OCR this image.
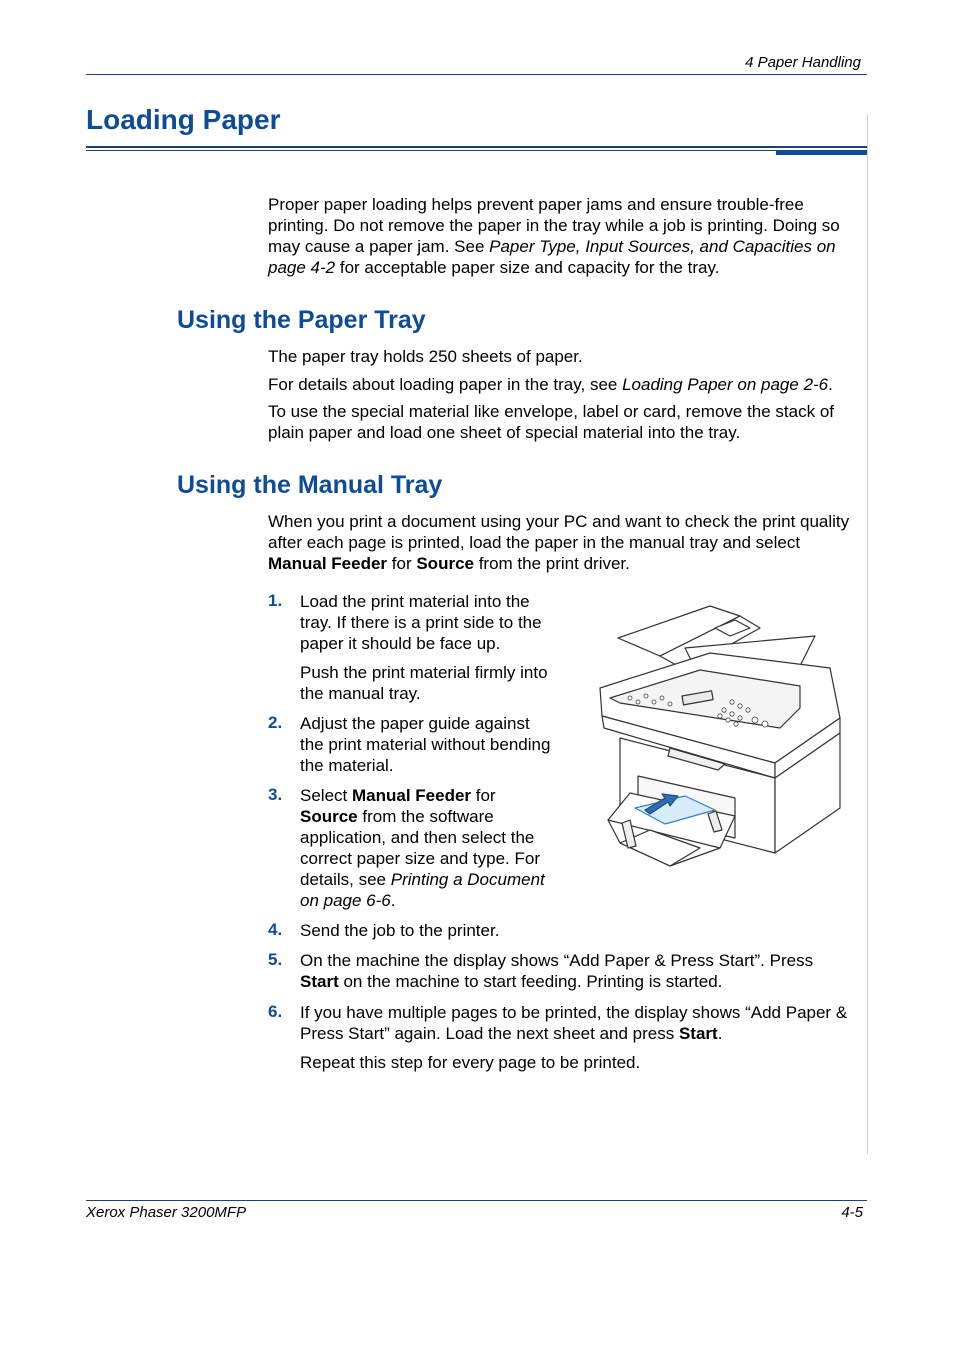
4 Paper Handling
Loading Paper
Proper paper loading helps prevent paper jams and ensure trouble-free
printing. Do not remove the paper in the tray while a job is printing. Doing so
may cause a paper jam. See Paper Type, Input Sources, and Capacities on
page 4-2 for acceptable paper size and capacity for the tray.
Using the Paper Tray
The paper tray holds 250 sheets of paper.
For details about loading paper in the tray, see Loading Paper on page 2-6.
To use the special material like envelope, label or card, remove the stack of
plain paper and load one sheet of special material into the tray.
Using the Manual Tray
When you print a document using your PC and want to check the print quality
after each page is printed, load the paper in the manual tray and select
Manual Feeder for Source from the print driver.
1. Load the print material into the
tray. If there is a print side to the
paper it should be face up.
Push the print material firmly into
the manual tray.
2. Adjust the paper guide against
the print material without bending
the material.
3. Select Manual Feeder for
Source from the software
application, and then select the
correct paper size and type. For
details, see Printing a Document
on page 6-6.
4. Send the job to the printer.
5. On the machine the display shows “Add Paper & Press Start”. Press
Start on the machine to start feeding. Printing is started.
6. If you have multiple pages to be printed, the display shows “Add Paper &
Press Start” again. Load the next sheet and press Start.
Repeat this step for every page to be printed.
Xerox Phaser 3200MFP	4-5
